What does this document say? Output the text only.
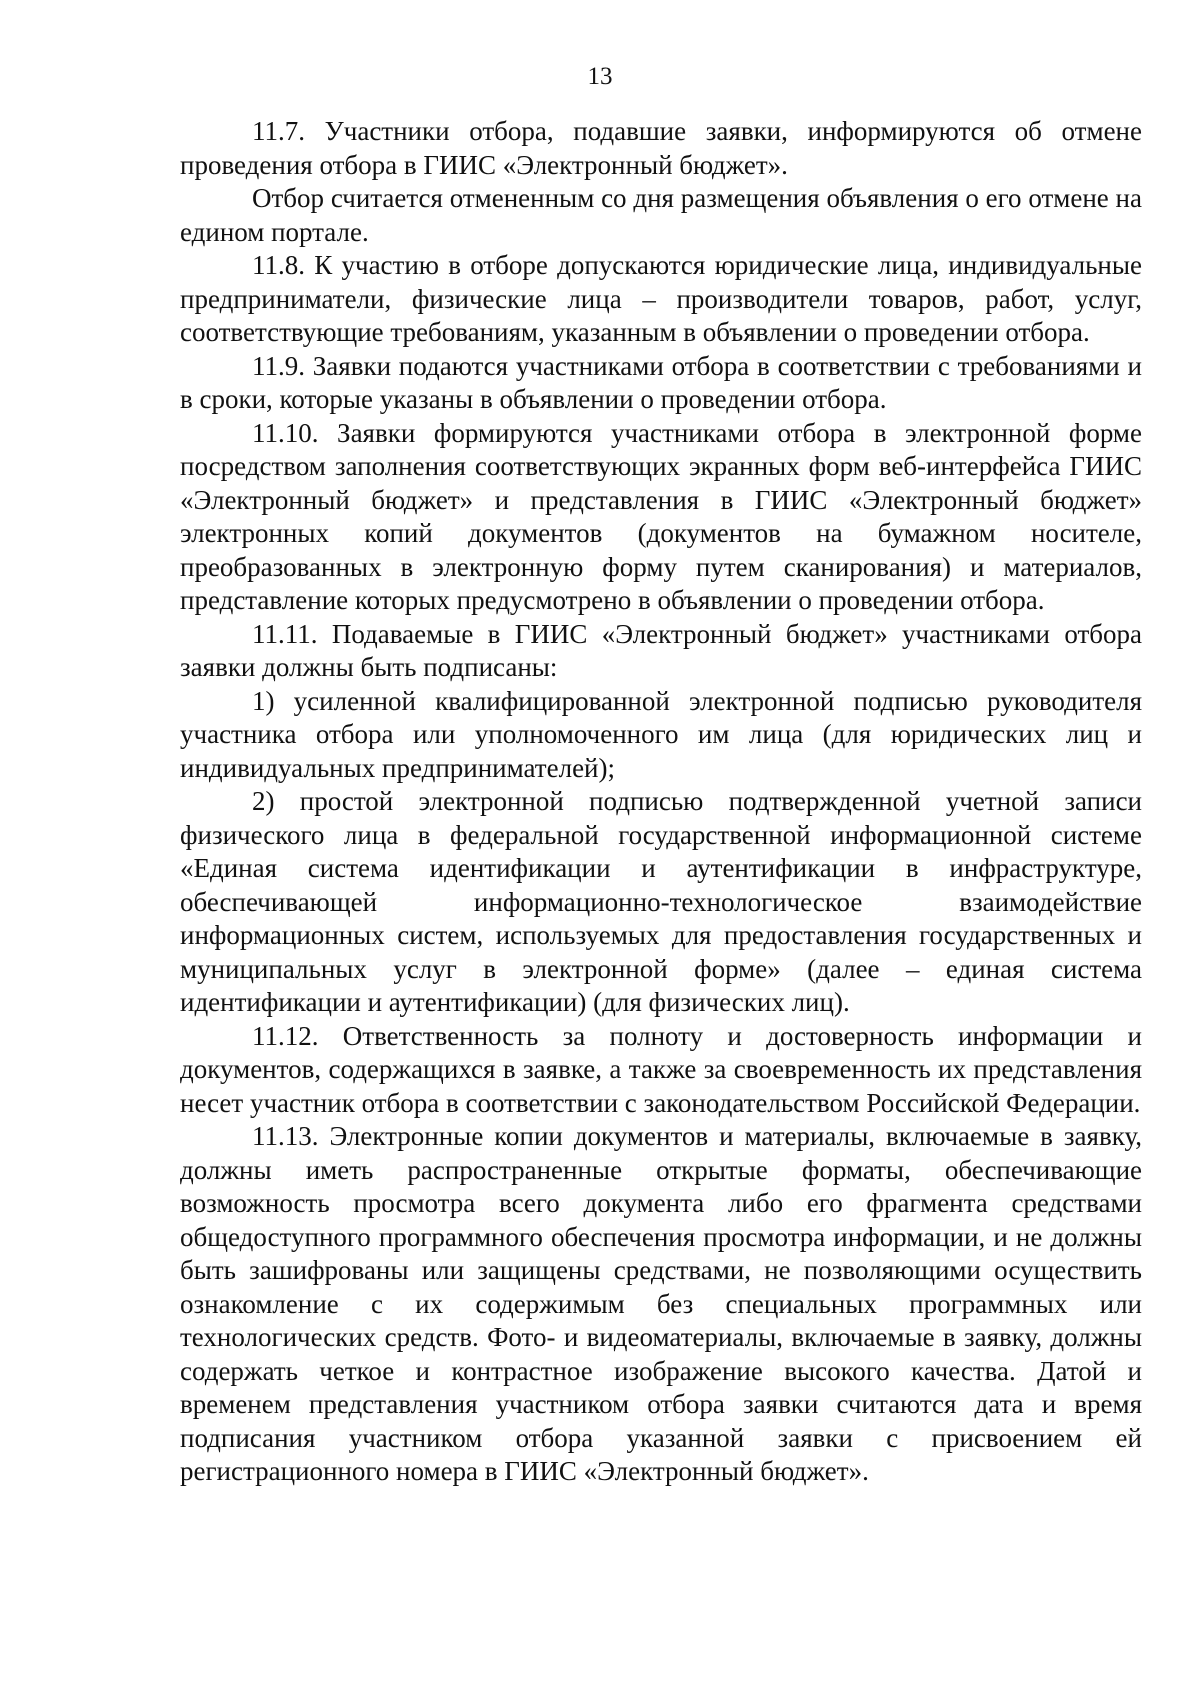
13

11.7. Участники отбора, подавшие заявки, информируются об отмене проведения отбора в ГИИС «Электронный бюджет».

Отбор считается отмененным со дня размещения объявления о его отмене на едином портале.

11.8. К участию в отборе допускаются юридические лица, индивидуальные предприниматели, физические лица – производители товаров, работ, услуг, соответствующие требованиям, указанным в объявлении о проведении отбора.

11.9. Заявки подаются участниками отбора в соответствии с требованиями и в сроки, которые указаны в объявлении о проведении отбора.

11.10. Заявки формируются участниками отбора в электронной форме посредством заполнения соответствующих экранных форм веб-интерфейса ГИИС «Электронный бюджет» и представления в ГИИС «Электронный бюджет» электронных копий документов (документов на бумажном носителе, преобразованных в электронную форму путем сканирования) и материалов, представление которых предусмотрено в объявлении о проведении отбора.

11.11. Подаваемые в ГИИС «Электронный бюджет» участниками отбора заявки должны быть подписаны:

1) усиленной квалифицированной электронной подписью руководителя участника отбора или уполномоченного им лица (для юридических лиц и индивидуальных предпринимателей);

2) простой электронной подписью подтвержденной учетной записи физического лица в федеральной государственной информационной системе «Единая система идентификации и аутентификации в инфраструктуре, обеспечивающей информационно-технологическое взаимодействие информационных систем, используемых для предоставления государственных и муниципальных услуг в электронной форме» (далее – единая система идентификации и аутентификации) (для физических лиц).

11.12. Ответственность за полноту и достоверность информации и документов, содержащихся в заявке, а также за своевременность их представления несет участник отбора в соответствии с законодательством Российской Федерации.

11.13. Электронные копии документов и материалы, включаемые в заявку, должны иметь распространенные открытые форматы, обеспечивающие возможность просмотра всего документа либо его фрагмента средствами общедоступного программного обеспечения просмотра информации, и не должны быть зашифрованы или защищены средствами, не позволяющими осуществить ознакомление с их содержимым без специальных программных или технологических средств. Фото- и видеоматериалы, включаемые в заявку, должны содержать четкое и контрастное изображение высокого качества. Датой и временем представления участником отбора заявки считаются дата и время подписания участником отбора указанной заявки с присвоением ей регистрационного номера в ГИИС «Электронный бюджет».
